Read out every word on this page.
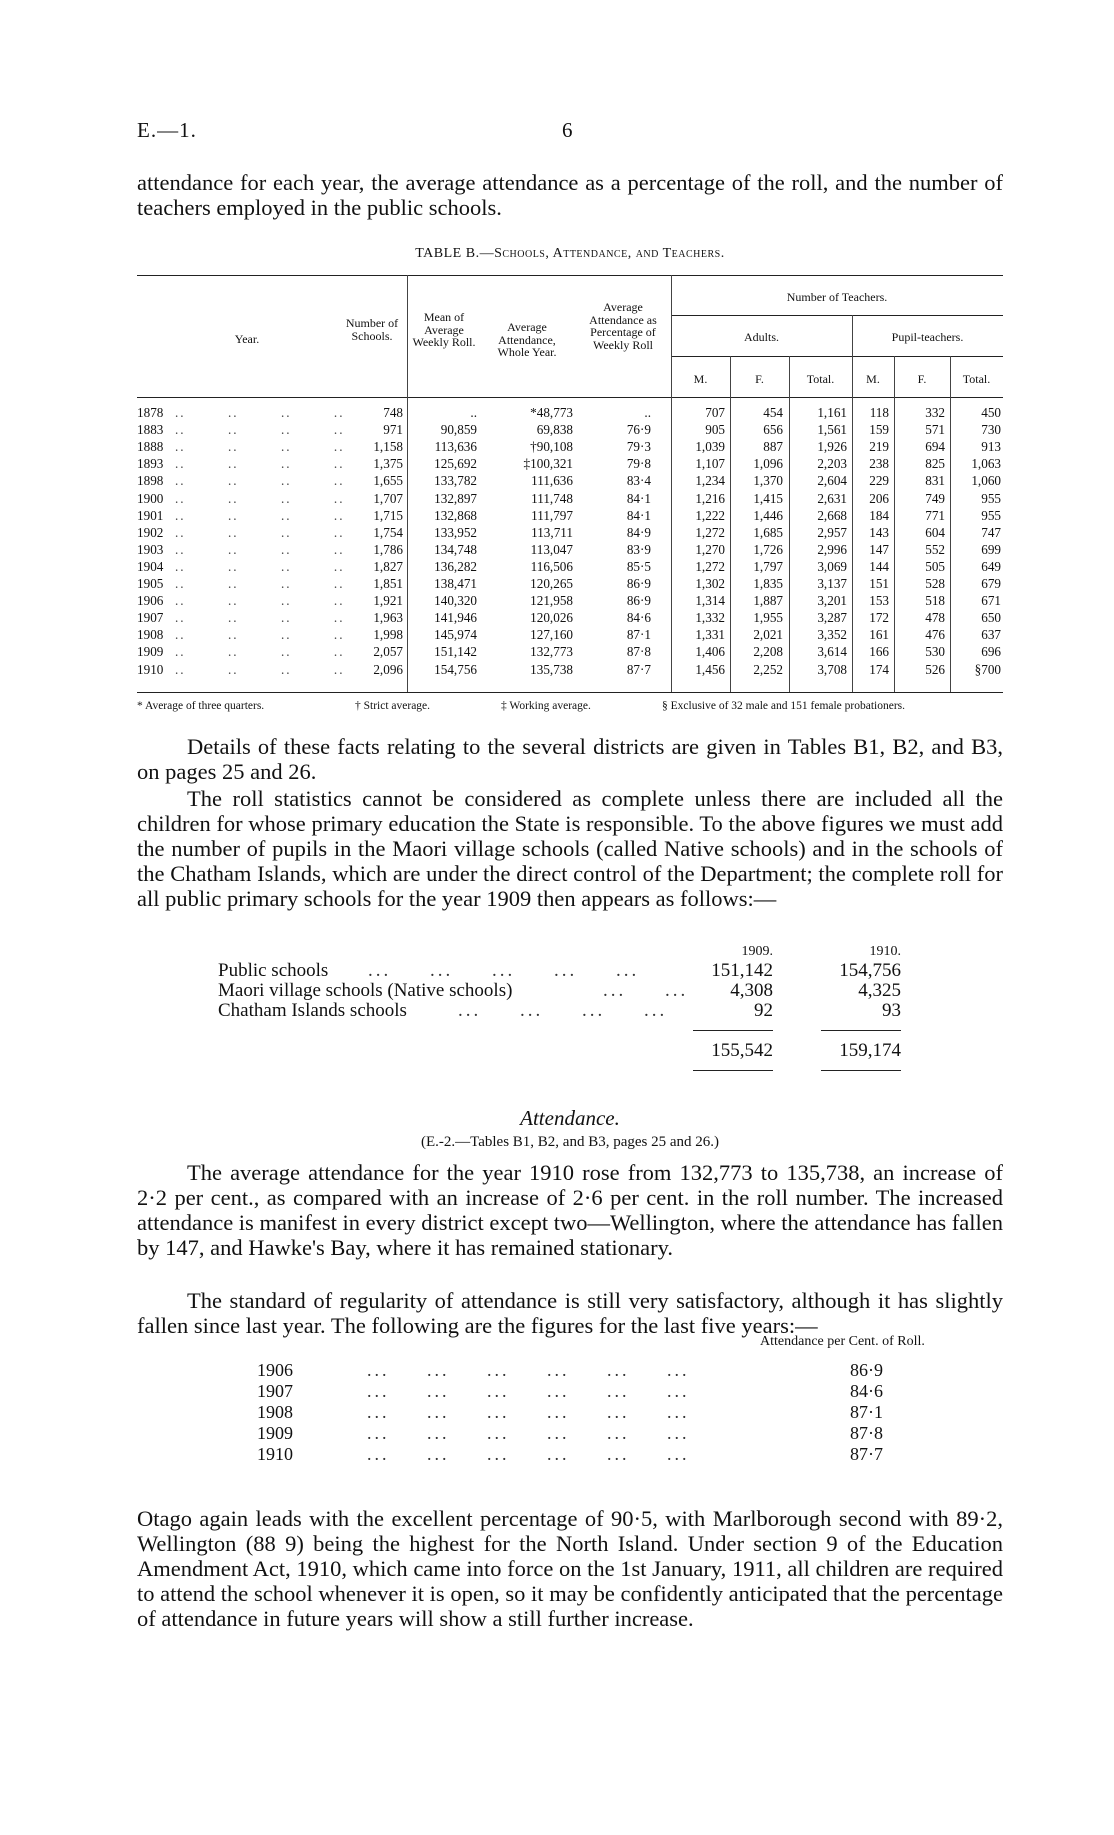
E.—1.	6
attendance for each year, the average attendance as a percentage of the roll, and the number of teachers employed in the public schools.
TABLE B.—Schools, Attendance, and Teachers.
Year.
Number of Schools.
Mean of Average Weekly Roll.
Average Attendance, Whole Year.
Average Attendance as Percentage of Weekly Roll
Number of Teachers.
Adults.	Pupil-teachers.
M.	F.	Total.	M.	F.	Total.
1878 ..        ..        ..        ..	748	..	*48,773	..	707	454	1,161	118	332	450
1883 ..        ..        ..        ..	971	90,859	69,838	76·9	905	656	1,561	159	571	730
1888 ..        ..        ..        ..	1,158	113,636	†90,108	79·3	1,039	887	1,926	219	694	913
1893 ..        ..        ..        ..	1,375	125,692	‡100,321	79·8	1,107	1,096	2,203	238	825	1,063
1898 ..        ..        ..        ..	1,655	133,782	111,636	83·4	1,234	1,370	2,604	229	831	1,060
1900 ..        ..        ..        ..	1,707	132,897	111,748	84·1	1,216	1,415	2,631	206	749	955
1901 ..        ..        ..        ..	1,715	132,868	111,797	84·1	1,222	1,446	2,668	184	771	955
1902 ..        ..        ..        ..	1,754	133,952	113,711	84·9	1,272	1,685	2,957	143	604	747
1903 ..        ..        ..        ..	1,786	134,748	113,047	83·9	1,270	1,726	2,996	147	552	699
1904 ..        ..        ..        ..	1,827	136,282	116,506	85·5	1,272	1,797	3,069	144	505	649
1905 ..        ..        ..        ..	1,851	138,471	120,265	86·9	1,302	1,835	3,137	151	528	679
1906 ..        ..        ..        ..	1,921	140,320	121,958	86·9	1,314	1,887	3,201	153	518	671
1907 ..        ..        ..        ..	1,963	141,946	120,026	84·6	1,332	1,955	3,287	172	478	650
1908 ..        ..        ..        ..	1,998	145,974	127,160	87·1	1,331	2,021	3,352	161	476	637
1909 ..        ..        ..        ..	2,057	151,142	132,773	87·8	1,406	2,208	3,614	166	530	696
1910 ..        ..        ..        ..	2,096	154,756	135,738	87·7	1,456	2,252	3,708	174	526	§700
* Average of three quarters.	† Strict average.	‡ Working average.	§ Exclusive of 32 male and 151 female probationers.
Details of these facts relating to the several districts are given in Tables B1, B2, and B3, on pages 25 and 26.
The roll statistics cannot be considered as complete unless there are included all the children for whose primary education the State is responsible. To the above figures we must add the number of pupils in the Maori village schools (called Native schools) and in the schools of the Chatham Islands, which are under the direct control of the Department; the complete roll for all public primary schools for the year 1909 then appears as follows:—
1909.	1910.
Public schools ...     ...     ...     ...     ...	151,142	154,756
Maori village schools (Native schools)	...     ...	4,308	4,325
Chatham Islands schools	...     ...     ...     ...	92	93
155,542	159,174
Attendance.
(E.-2.—Tables B1, B2, and B3, pages 25 and 26.)
The average attendance for the year 1910 rose from 132,773 to 135,738, an increase of 2·2 per cent., as compared with an increase of 2·6 per cent. in the roll number. The increased attendance is manifest in every district except two—Wellington, where the attendance has fallen by 147, and Hawke's Bay, where it has remained stationary.
The standard of regularity of attendance is still very satisfactory, although it has slightly fallen since last year. The following are the figures for the last five years:—
Attendance per Cent. of Roll.
1906	...     ...     ...     ...     ...     ...	86·9
1907	...     ...     ...     ...     ...     ...	84·6
1908	...     ...     ...     ...     ...     ...	87·1
1909	...     ...     ...     ...     ...     ...	87·8
1910	...     ...     ...     ...     ...     ...	87·7
Otago again leads with the excellent percentage of 90·5, with Marlborough second with 89·2, Wellington (88 9) being the highest for the North Island. Under section 9 of the Education Amendment Act, 1910, which came into force on the 1st January, 1911, all children are required to attend the school whenever it is open, so it may be confidently anticipated that the percentage of attendance in future years will show a still further increase.
